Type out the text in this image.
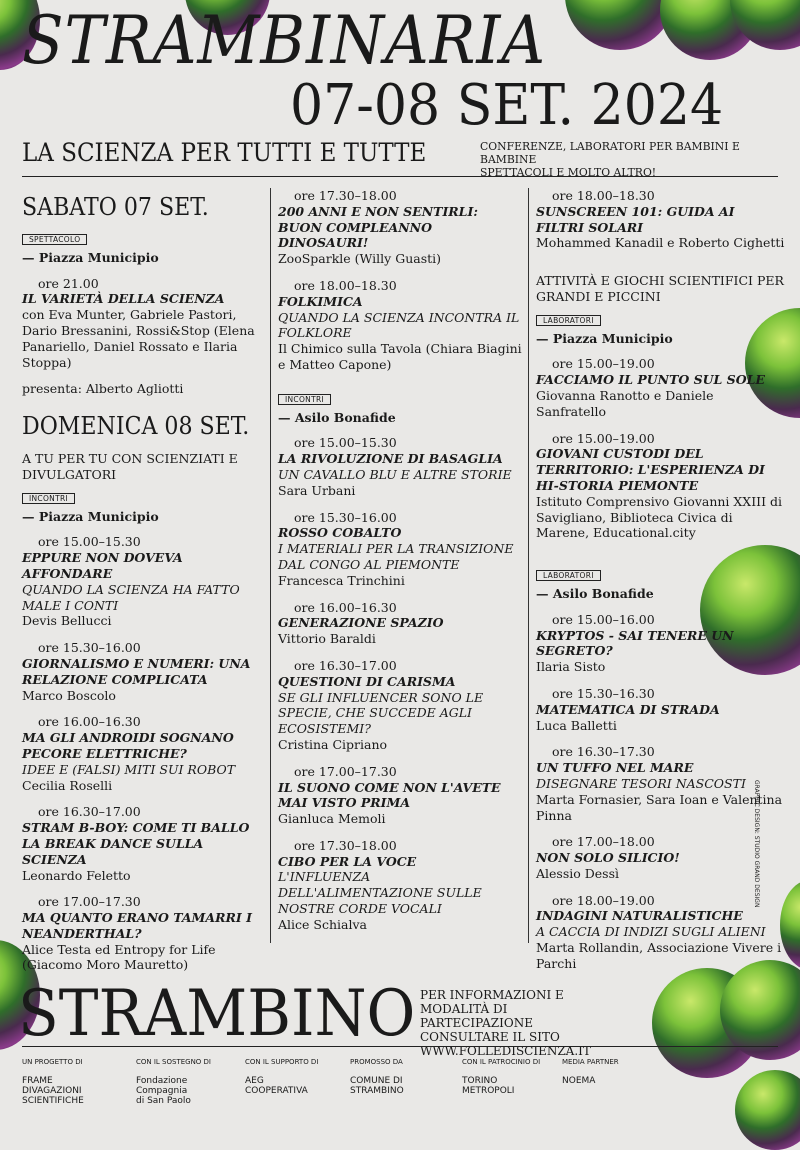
STRAMBINARIA
07-08 SET. 2024
LA SCIENZA PER TUTTI E TUTTE	CONFERENZE, LABORATORI PER BAMBINI E BAMBINE
SPETTACOLI E MOLTO ALTRO!
SABATO 07 SET.
SPETTACOLO
— Piazza Municipio
ore 21.00
IL VARIETÀ DELLA SCIENZA
con Eva Munter, Gabriele Pastori, Dario Bressanini, Rossi&Stop (Elena Panariello, Daniel Rossato e Ilaria Stoppa)
presenta: Alberto Agliotti
DOMENICA 08 SET.
A TU PER TU CON SCIENZIATI E DIVULGATORI
INCONTRI
— Piazza Municipio
ore 15.00–15.30
EPPURE NON DOVEVA AFFONDARE
QUANDO LA SCIENZA HA FATTO MALE I CONTI
Devis Bellucci
ore 15.30–16.00
GIORNALISMO E NUMERI: UNA RELAZIONE COMPLICATA
Marco Boscolo
ore 16.00–16.30
MA GLI ANDROIDI SOGNANO PECORE ELETTRICHE?
IDEE E (FALSI) MITI SUI ROBOT
Cecilia Roselli
ore 16.30–17.00
STRAM B-BOY: COME TI BALLO LA BREAK DANCE SULLA SCIENZA
Leonardo Feletto
ore 17.00–17.30
MA QUANTO ERANO TAMARRI I NEANDERTHAL?
Alice Testa ed Entropy for Life (Giacomo Moro Mauretto)
ore 17.30–18.00
200 ANNI E NON SENTIRLI: BUON COMPLEANNO DINOSAURI!
ZooSparkle (Willy Guasti)
ore 18.00–18.30
FOLKIMICA
QUANDO LA SCIENZA INCONTRA IL FOLKLORE
Il Chimico sulla Tavola (Chiara Biagini e Matteo Capone)
INCONTRI
— Asilo Bonafide
ore 15.00–15.30
LA RIVOLUZIONE DI BASAGLIA
UN CAVALLO BLU E ALTRE STORIE
Sara Urbani
ore 15.30–16.00
ROSSO COBALTO
I MATERIALI PER LA TRANSIZIONE DAL CONGO AL PIEMONTE
Francesca Trinchini
ore 16.00–16.30
GENERAZIONE SPAZIO
Vittorio Baraldi
ore 16.30–17.00
QUESTIONI DI CARISMA
SE GLI INFLUENCER SONO LE SPECIE, CHE SUCCEDE AGLI ECOSISTEMI?
Cristina Cipriano
ore 17.00–17.30
IL SUONO COME NON L'AVETE MAI VISTO PRIMA
Gianluca Memoli
ore 17.30–18.00
CIBO PER LA VOCE
L'INFLUENZA DELL'ALIMENTAZIONE SULLE NOSTRE CORDE VOCALI
Alice Schialva
ore 18.00–18.30
SUNSCREEN 101: GUIDA AI FILTRI SOLARI
Mohammed Kanadil e Roberto Cighetti
ATTIVITÀ E GIOCHI SCIENTIFICI PER GRANDI E PICCINI
LABORATORI
— Piazza Municipio
ore 15.00–19.00
FACCIAMO IL PUNTO SUL SOLE
Giovanna Ranotto e Daniele Sanfratello
ore 15.00–19.00
GIOVANI CUSTODI DEL TERRITORIO: L'ESPERIENZA DI HI-STORIA PIEMONTE
Istituto Comprensivo Giovanni XXIII di Savigliano, Biblioteca Civica di Marene, Educational.city
LABORATORI
— Asilo Bonafide
ore 15.00–16.00
KRYPTOS - SAI TENERE UN SEGRETO?
Ilaria Sisto
ore 15.30–16.30
MATEMATICA DI STRADA
Luca Balletti
ore 16.30–17.30
UN TUFFO NEL MARE
DISEGNARE TESORI NASCOSTI
Marta Fornasier, Sara Ioan e Valentina Pinna
ore 17.00–18.00
NON SOLO SILICIO!
Alessio Dessì
ore 18.00–19.00
INDAGINI NATURALISTICHE
A CACCIA DI INDIZI SUGLI ALIENI
Marta Rollandin, Associazione Vivere i Parchi
GRAPHIC DESIGN: STUDIO GRAND DESIGN
STRAMBINO PER INFORMAZIONI E MODALITÀ DI PARTECIPAZIONE CONSULTARE IL SITO
WWW.FOLLEDISCIENZA.IT
UN PROGETTO DI
FRAME
DIVAGAZIONI
SCIENTIFICHE
CON IL SOSTEGNO DI
Fondazione
Compagnia
di San Paolo
CON IL SUPPORTO DI
AEG
COOPERATIVA
PROMOSSO DA
COMUNE DI
STRAMBINO
CON IL PATROCINIO DI
TORINO
METROPOLI
MEDIA PARTNER
NOEMA
